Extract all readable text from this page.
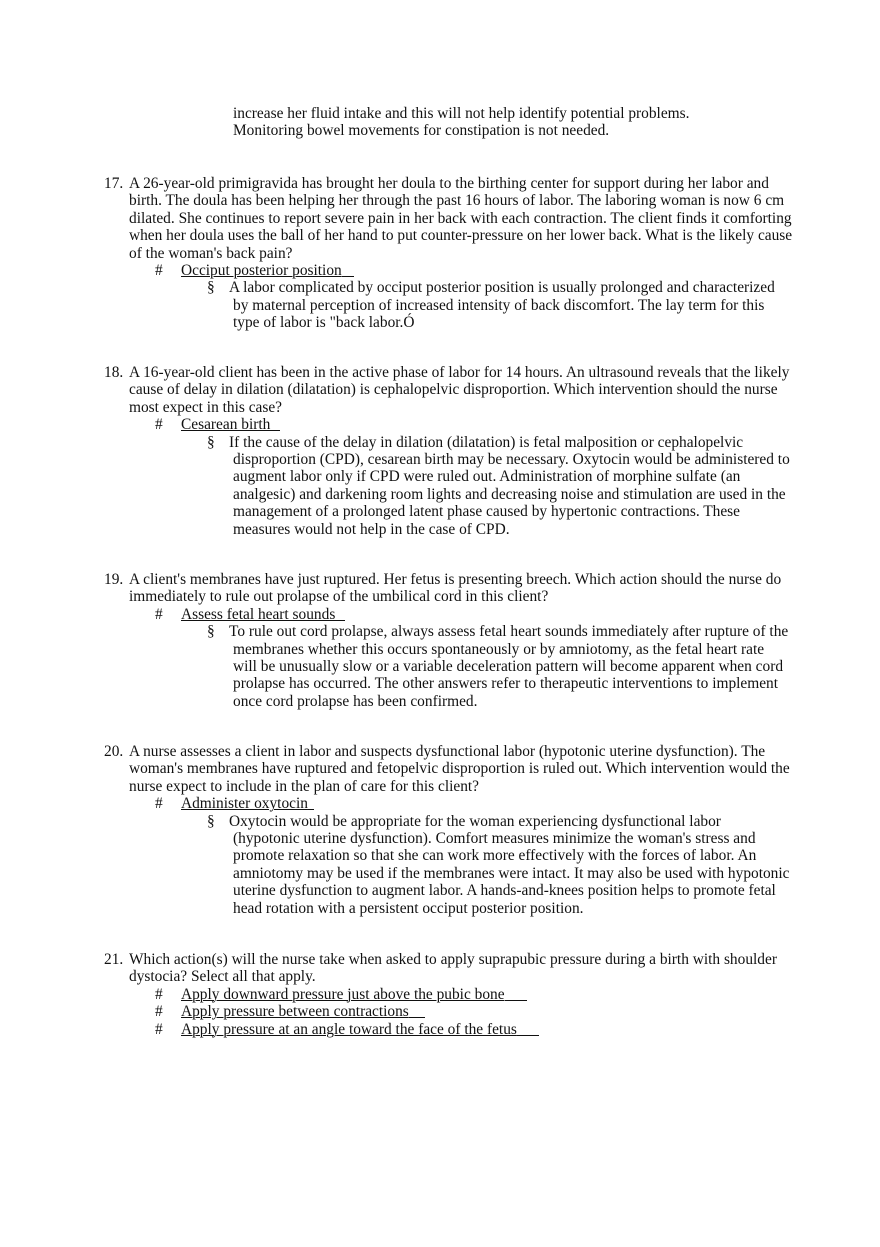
increase her fluid intake and this will not help identify potential problems.

Monitoring bowel movements for constipation is not needed.

17. A 26-year-old primigravida has brought her doula to the birthing center for support during her labor and birth. The doula has been helping her through the past 16 hours of labor. The laboring woman is now 6 cm dilated. She continues to report severe pain in her back with each contraction. The client finds it comforting when her doula uses the ball of her hand to put counter-pressure on her lower back. What is the likely cause of the woman's back pain?
# Occiput posterior position
§ A labor complicated by occiput posterior position is usually prolonged and characterized by maternal perception of increased intensity of back discomfort. The lay term for this type of labor is "back labor.Ó
18. A 16-year-old client has been in the active phase of labor for 14 hours. An ultrasound reveals that the likely cause of delay in dilation (dilatation) is cephalopelvic disproportion. Which intervention should the nurse most expect in this case?
# Cesarean birth
§ If the cause of the delay in dilation (dilatation) is fetal malposition or cephalopelvic disproportion (CPD), cesarean birth may be necessary. Oxytocin would be administered to augment labor only if CPD were ruled out. Administration of morphine sulfate (an analgesic) and darkening room lights and decreasing noise and stimulation are used in the management of a prolonged latent phase caused by hypertonic contractions. These measures would not help in the case of CPD.
19. A client's membranes have just ruptured. Her fetus is presenting breech. Which action should the nurse do immediately to rule out prolapse of the umbilical cord in this client?
# Assess fetal heart sounds
§ To rule out cord prolapse, always assess fetal heart sounds immediately after rupture of the membranes whether this occurs spontaneously or by amniotomy, as the fetal heart rate will be unusually slow or a variable deceleration pattern will become apparent when cord prolapse has occurred. The other answers refer to therapeutic interventions to implement once cord prolapse has been confirmed.
20. A nurse assesses a client in labor and suspects dysfunctional labor (hypotonic uterine dysfunction). The woman's membranes have ruptured and fetopelvic disproportion is ruled out. Which intervention would the nurse expect to include in the plan of care for this client?
# Administer oxytocin
§ Oxytocin would be appropriate for the woman experiencing dysfunctional labor (hypotonic uterine dysfunction). Comfort measures minimize the woman's stress and promote relaxation so that she can work more effectively with the forces of labor. An amniotomy may be used if the membranes were intact. It may also be used with hypotonic uterine dysfunction to augment labor. A hands-and-knees position helps to promote fetal head rotation with a persistent occiput posterior position.
21. Which action(s) will the nurse take when asked to apply suprapubic pressure during a birth with shoulder dystocia? Select all that apply.
# Apply downward pressure just above the pubic bone
# Apply pressure between contractions
# Apply pressure at an angle toward the face of the fetus
